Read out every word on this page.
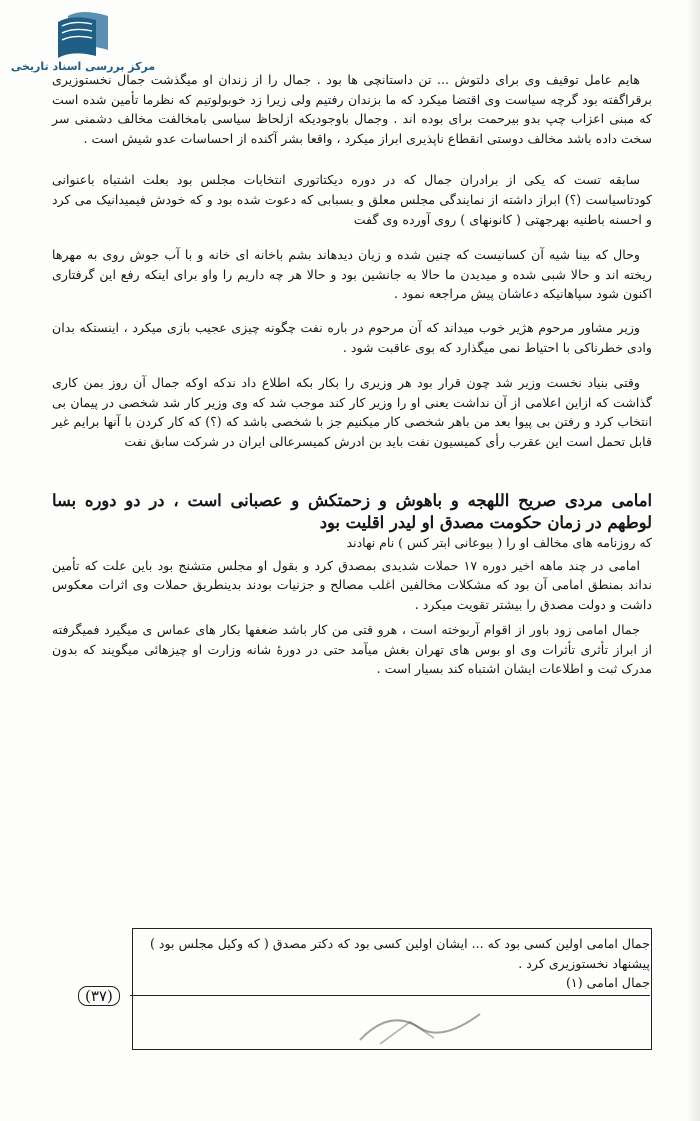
مرکز بررسی اسناد تاریخی

هایم عامل توقیف وی برای دلتوش ... تن داستانچی ها بود . جمال را از زندان او میگذشت جمال نخستوزیری برقراگفته بود گرچه سیاست وی اقتضا میکرد که ما بزندان رفتیم ولی زیرا زد خوبولوتیم که نظرما تأمین شده است که مبنی اعزاب چپ بدو بیرحمت برای بوده اند . وجمال باوجودیکه ازلحاظ سیاسی بامخالفت مخالف دشمنی سر سخت داده باشد مخالف دوستی انقطاع ناپذیری ابراز میکرد ، واقعا بشر آکنده از احساسات عدو شیش است .

سابقه تست که یکی از برادران جمال که در دوره دیکتاتوری انتخابات مجلس بود بعلت اشتباه باعنوانی کودتاسیاست (؟) ابراز داشته از نمایندگی مجلس معلق و بسبابی که دعوت شده بود و که خودش فیمیدانیک می کرد و احسنه باطنیه بهرجهتی ( کانونهای ) روی آورده وی گفت

وحال که بینا شیه آن کسانیست که چنین شده و زیان دیدهاند بشم باخانه ای خانه و با آب جوش روی به مهرها ریخته اند و حالا شبی شده و میدیدن ما حالا به جانشین بود و حالا هر چه داریم را واو برای اینکه رفع این گرفتاری اکنون شود سپاهانیکه دعاشان پیش مراجعه نمود .

وزیر مشاور مرحوم هژیر خوب میداند که آن مرحوم در باره نفت چگونه چیزی عجیب بازی میکرد ، اینستکه بدان وادی خطرناکی با احتیاط نمی میگذارد که بوی عاقبت شود .

وقتی بنیاد نخست وزیر شد چون قرار بود هر وزیری را بکار بکه اطلاع داد ندکه اوکه جمال آن روز بمن کاری گذاشت که ازاین اعلامی از آن نداشت یعنی او را وزیر کار کند موجب شد که وی وزیر کار شد شخصی در پیمان بی انتخاب کرد و رفتن بی پیوا بعد من باهر شخصی کار میکنیم جز با شخصی باشد که (؟) که کار کردن با آنها برایم غیر قابل تحمل است این عقرب رأی کمیسیون نفت باید بن ادرش کمیسرعالی ایران در شرکت سابق نفت

امامی مردی صریح اللهجه و باهوش و زحمتکش و عصبانی است ، در دو دوره بسا لوطهم در زمان حکومت مصدق او لیدر اقلیت بود

که روزنامه های مخالف او را ( بیوعانی ابتر کس ) نام نهادند

امامی در چند ماهه اخیر دوره ۱۷ حملات شدیدی بمصدق کرد و بقول او مجلس متشنج بود باین علت که تأمین نداند بمنطق امامی آن بود که مشکلات مخالفین اغلب مصالح و جزنیات بودند بدینطریق حملات وی اثرات معکوس داشت و دولت مصدق را بیشتر تقویت میکرد .

جمال امامی زود باور از اقوام آربوخته است ، هرو قتی من کار باشد ضعفها بکار های عماس ی میگیرد فمیگرفته از ابراز تأثری تأثرات وی او بوس های تهران بغش میآمد حتی در دورۀ شانه وزارت او چیزهائی میگویند که بدون مدرک ثبت و اطلاعات ایشان اشتباه کند بسیار است .

جمال امامی اولین کسی بود که ... ایشان اولین کسی بود که دکتر مصدق ( که وکیل مجلس بود ) پیشنهاد نخستوزیری کرد .
جمال امامی (۱)
(۳۷)
